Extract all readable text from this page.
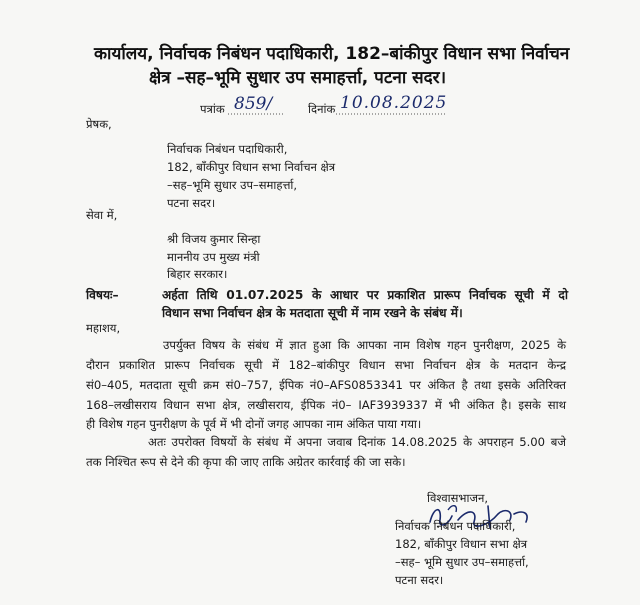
कार्यालय, निर्वाचक निबंधन पदाधिकारी, 182–बांकीपुर विधान सभा निर्वाचन
क्षेत्र –सह–भूमि सुधार उप समाहर्त्ता, पटना सदर।
पत्रांक 859/	दिनांक 10.08.2025
प्रेषक,
निर्वाचक निबंधन पदाधिकारी,
182, बाँकीपुर विधान सभा निर्वाचन क्षेत्र
–सह–भूमि सुधार उप–समाहर्त्ता,
पटना सदर।
सेवा में,
श्री विजय कुमार सिन्हा
माननीय उप मुख्य मंत्री
बिहार सरकार।
विषयः–	अर्हता तिथि 01.07.2025 के आधार पर प्रकाशित प्रारूप निर्वाचक सूची में दो
विधान सभा निर्वाचन क्षेत्र के मतदाता सूची में नाम रखने के संबंध में।
महाशय,
उपर्युक्त विषय के संबंध में ज्ञात हुआ कि आपका नाम विशेष गहन पुनरीक्षण, 2025 के
दौरान प्रकाशित प्रारूप निर्वाचक सूची में 182–बांकीपुर विधान सभा निर्वाचन क्षेत्र के मतदान केन्द्र
सं0–405, मतदाता सूची क्रम सं0–757, ईपिक नं0–AFS0853341 पर अंकित है तथा इसके अतिरिक्त
168–लखीसराय विधान सभा क्षेत्र, लखीसराय, ईपिक नं0– IAF3939337 में भी अंकित है। इसके साथ
ही विशेष गहन पुनरीक्षण के पूर्व में भी दोनों जगह आपका नाम अंकित पाया गया।
अतः उपरोक्त विषयों के संबंध में अपना जवाब दिनांक 14.08.2025 के अपराहन 5.00 बजे
तक निश्चित रूप से देने की कृपा की जाए ताकि अग्रेतर कार्रवाई की जा सके।
विश्वासभाजन,
निर्वाचक निबंधन पदाधिकारी,
182, बाँकीपुर विधान सभा क्षेत्र
–सह– भूमि सुधार उप–समाहर्त्ता,
पटना सदर।
